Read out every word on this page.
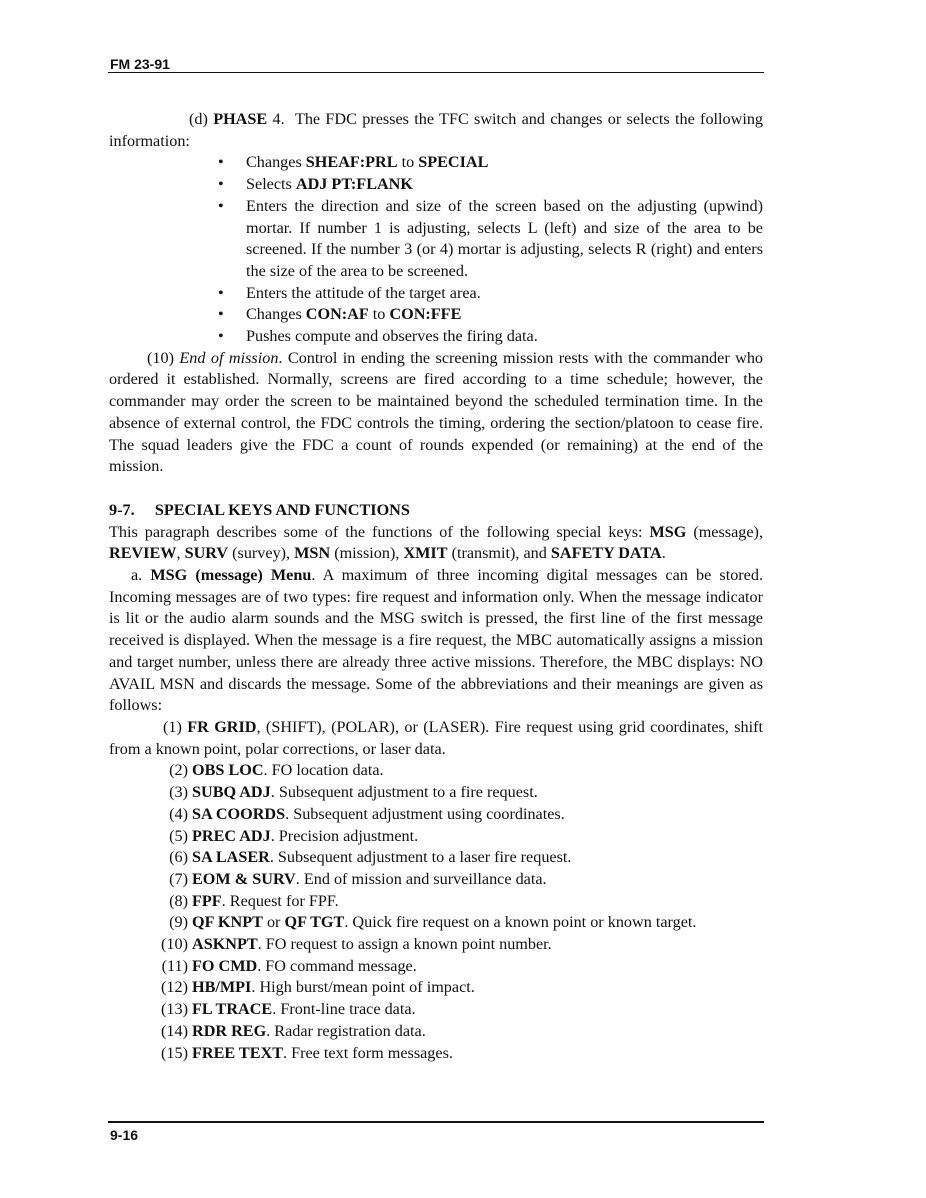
FM 23-91

(d) PHASE 4. The FDC presses the TFC switch and changes or selects the following information:

• Changes SHEAF:PRL to SPECIAL
• Selects ADJ PT:FLANK
• Enters the direction and size of the screen based on the adjusting (upwind) mortar. If number 1 is adjusting, selects L (left) and size of the area to be screened. If the number 3 (or 4) mortar is adjusting, selects R (right) and enters the size of the area to be screened.
• Enters the attitude of the target area.
• Changes CON:AF to CON:FFE
• Pushes compute and observes the firing data.

(10) End of mission. Control in ending the screening mission rests with the commander who ordered it established. Normally, screens are fired according to a time schedule; however, the commander may order the screen to be maintained beyond the scheduled termination time. In the absence of external control, the FDC controls the timing, ordering the section/platoon to cease fire. The squad leaders give the FDC a count of rounds expended (or remaining) at the end of the mission.

9-7. SPECIAL KEYS AND FUNCTIONS

This paragraph describes some of the functions of the following special keys: MSG (message), REVIEW, SURV (survey), MSN (mission), XMIT (transmit), and SAFETY DATA.

a. MSG (message) Menu. A maximum of three incoming digital messages can be stored. Incoming messages are of two types: fire request and information only. When the message indicator is lit or the audio alarm sounds and the MSG switch is pressed, the first line of the first message received is displayed. When the message is a fire request, the MBC automatically assigns a mission and target number, unless there are already three active missions. Therefore, the MBC displays: NO AVAIL MSN and discards the message. Some of the abbreviations and their meanings are given as follows:

(1) FR GRID, (SHIFT), (POLAR), or (LASER). Fire request using grid coordinates, shift from a known point, polar corrections, or laser data.

(2) OBS LOC. FO location data.
(3) SUBQ ADJ. Subsequent adjustment to a fire request.
(4) SA COORDS. Subsequent adjustment using coordinates.
(5) PREC ADJ. Precision adjustment.
(6) SA LASER. Subsequent adjustment to a laser fire request.
(7) EOM & SURV. End of mission and surveillance data.
(8) FPF. Request for FPF.
(9) QF KNPT or QF TGT. Quick fire request on a known point or known target.
(10) ASKNPT. FO request to assign a known point number.
(11) FO CMD. FO command message.
(12) HB/MPI. High burst/mean point of impact.
(13) FL TRACE. Front-line trace data.
(14) RDR REG. Radar registration data.
(15) FREE TEXT. Free text form messages.
9-16
